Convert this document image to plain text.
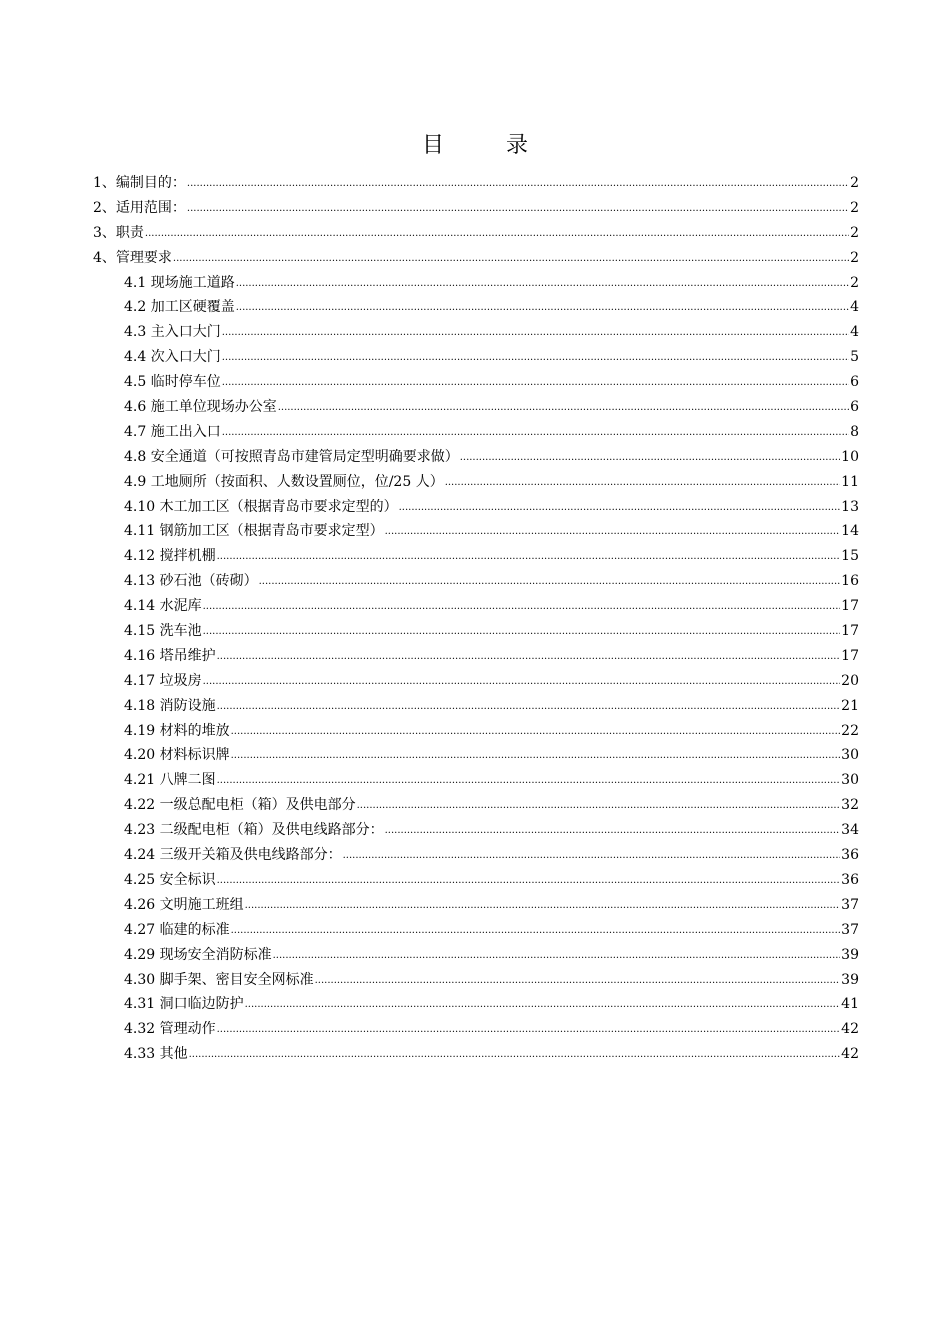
目　录
1、编制目的： .....	2
2、适用范围： .....	2
3、职责 .....	2
4、管理要求 .....	2
4.1 现场施工道路 .....	2
4.2 加工区硬覆盖 .....	4
4.3 主入口大门 .....	4
4.4 次入口大门 .....	5
4.5 临时停车位 .....	6
4.6 施工单位现场办公室 .....	6
4.7 施工出入口 .....	8
4.8 安全通道（可按照青岛市建管局定型明确要求做） .....	10
4.9 工地厕所（按面积、人数设置厕位，位/25 人） .....	11
4.10 木工加工区（根据青岛市要求定型的） .....	13
4.11 钢筋加工区（根据青岛市要求定型） .....	14
4.12 搅拌机棚 .....	15
4.13 砂石池（砖砌） .....	16
4.14 水泥库 .....	17
4.15 洗车池 .....	17
4.16 塔吊维护 .....	17
4.17 垃圾房 .....	20
4.18 消防设施 .....	21
4.19 材料的堆放 .....	22
4.20 材料标识牌 .....	30
4.21 八牌二图 .....	30
4.22 一级总配电柜（箱）及供电部分 .....	32
4.23 二级配电柜（箱）及供电线路部分： .....	34
4.24 三级开关箱及供电线路部分： .....	36
4.25 安全标识 .....	36
4.26 文明施工班组 .....	37
4.27 临建的标准 .....	37
4.29 现场安全消防标准 .....	39
4.30 脚手架、密目安全网标准 .....	39
4.31 洞口临边防护 .....	41
4.32 管理动作 .....	42
4.33 其他 .....	42
